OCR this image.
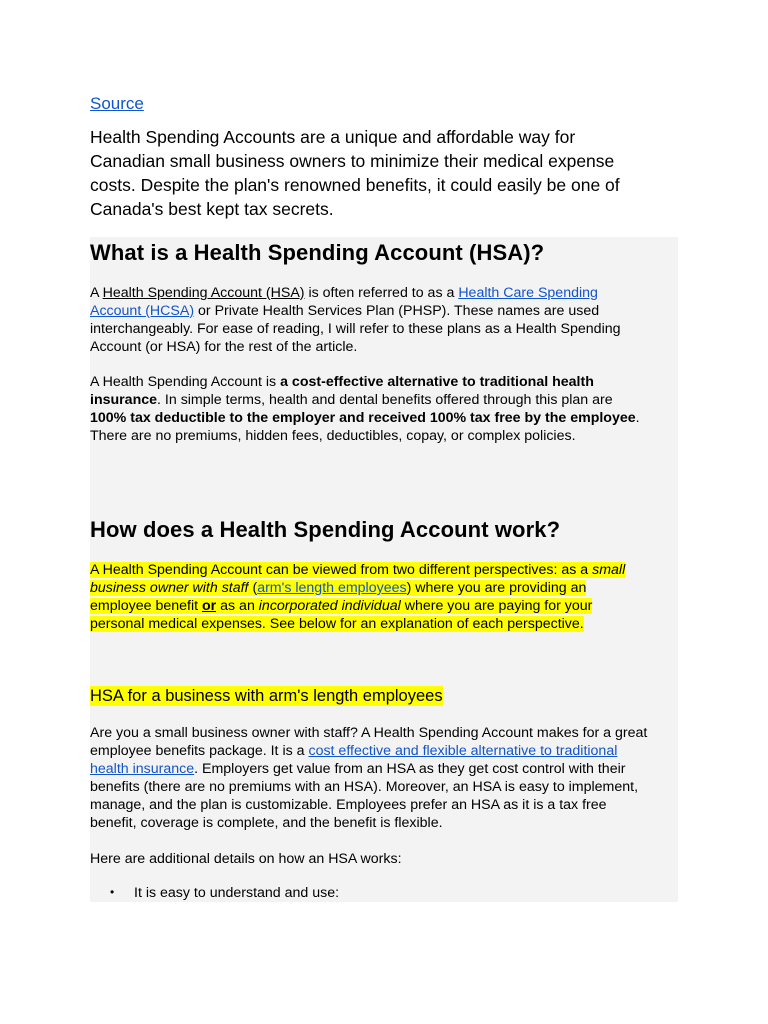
Source

Health Spending Accounts are a unique and affordable way for Canadian small business owners to minimize their medical expense costs. Despite the plan's renowned benefits, it could easily be one of Canada's best kept tax secrets.

What is a Health Spending Account (HSA)?

A Health Spending Account (HSA) is often referred to as a Health Care Spending Account (HCSA) or Private Health Services Plan (PHSP). These names are used interchangeably. For ease of reading, I will refer to these plans as a Health Spending Account (or HSA) for the rest of the article.

A Health Spending Account is a cost-effective alternative to traditional health insurance. In simple terms, health and dental benefits offered through this plan are 100% tax deductible to the employer and received 100% tax free by the employee. There are no premiums, hidden fees, deductibles, copay, or complex policies.

How does a Health Spending Account work?

A Health Spending Account can be viewed from two different perspectives: as a small business owner with staff (arm's length employees) where you are providing an employee benefit or as an incorporated individual where you are paying for your personal medical expenses. See below for an explanation of each perspective.

HSA for a business with arm's length employees

Are you a small business owner with staff? A Health Spending Account makes for a great employee benefits package. It is a cost effective and flexible alternative to traditional health insurance. Employers get value from an HSA as they get cost control with their benefits (there are no premiums with an HSA). Moreover, an HSA is easy to implement, manage, and the plan is customizable. Employees prefer an HSA as it is a tax free benefit, coverage is complete, and the benefit is flexible.

Here are additional details on how an HSA works:

• It is easy to understand and use:
